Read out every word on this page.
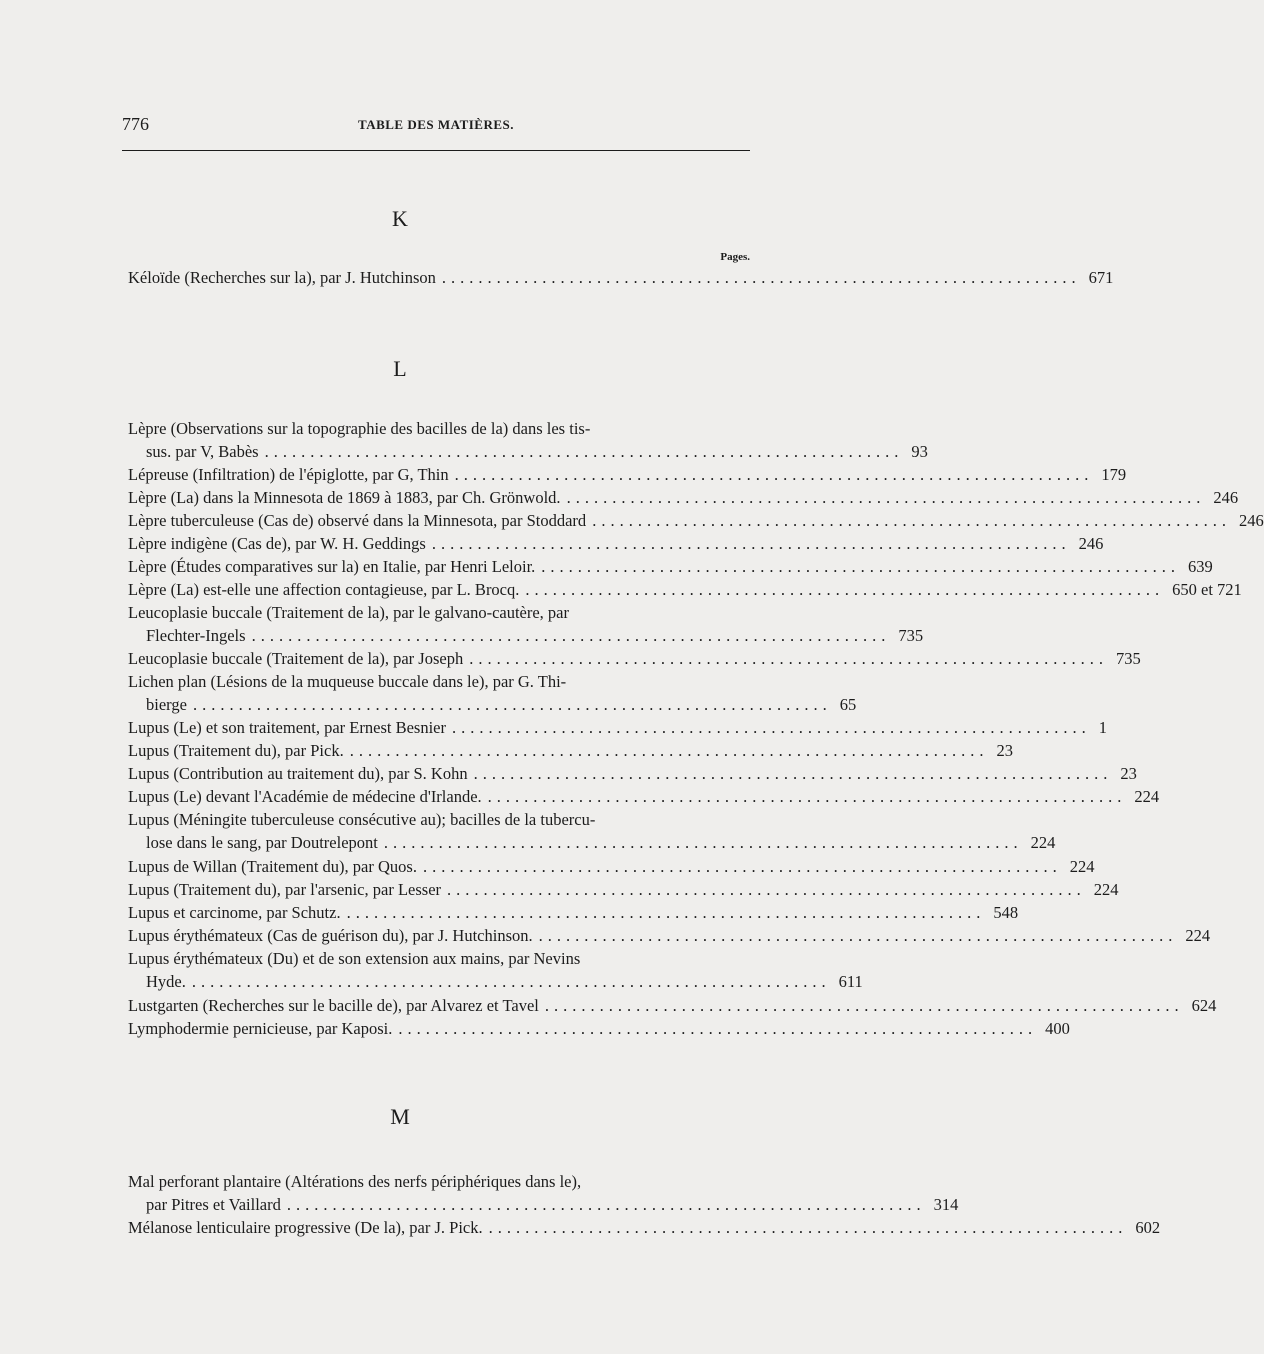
776	TABLE DES MATIÈRES.
K
Pages.
Kéloïde (Recherches sur la), par J. Hutchinson ...................................................................... 671
L
Lèpre (Observations sur la topographie des bacilles de la) dans les tis-
sus. par V, Babès ...................................................................... 93
Lépreuse (Infiltration) de l'épiglotte, par G, Thin ...................................................................... 179
Lèpre (La) dans la Minnesota de 1869 à 1883, par Ch. Grönwold. ...................................................................... 246
Lèpre tuberculeuse (Cas de) observé dans la Minnesota, par Stoddard ...................................................................... 246
Lèpre indigène (Cas de), par W. H. Geddings ...................................................................... 246
Lèpre (Études comparatives sur la) en Italie, par Henri Leloir. ...................................................................... 639
Lèpre (La) est-elle une affection contagieuse, par L. Brocq. ...................................................................... 650 et 721
Leucoplasie buccale (Traitement de la), par le galvano-cautère, par
Flechter-Ingels ...................................................................... 735
Leucoplasie buccale (Traitement de la), par Joseph ...................................................................... 735
Lichen plan (Lésions de la muqueuse buccale dans le), par G. Thi-
bierge ...................................................................... 65
Lupus (Le) et son traitement, par Ernest Besnier ...................................................................... 1
Lupus (Traitement du), par Pick. ...................................................................... 23
Lupus (Contribution au traitement du), par S. Kohn ...................................................................... 23
Lupus (Le) devant l'Académie de médecine d'Irlande. ...................................................................... 224
Lupus (Méningite tuberculeuse consécutive au); bacilles de la tubercu-
lose dans le sang, par Doutrelepont ...................................................................... 224
Lupus de Willan (Traitement du), par Quos. ...................................................................... 224
Lupus (Traitement du), par l'arsenic, par Lesser ...................................................................... 224
Lupus et carcinome, par Schutz. ...................................................................... 548
Lupus érythémateux (Cas de guérison du), par J. Hutchinson. ...................................................................... 224
Lupus érythémateux (Du) et de son extension aux mains, par Nevins
Hyde. ...................................................................... 611
Lustgarten (Recherches sur le bacille de), par Alvarez et Tavel ...................................................................... 624
Lymphodermie pernicieuse, par Kaposi. ...................................................................... 400
M
Mal perforant plantaire (Altérations des nerfs périphériques dans le),
par Pitres et Vaillard ...................................................................... 314
Mélanose lenticulaire progressive (De la), par J. Pick. ...................................................................... 602
